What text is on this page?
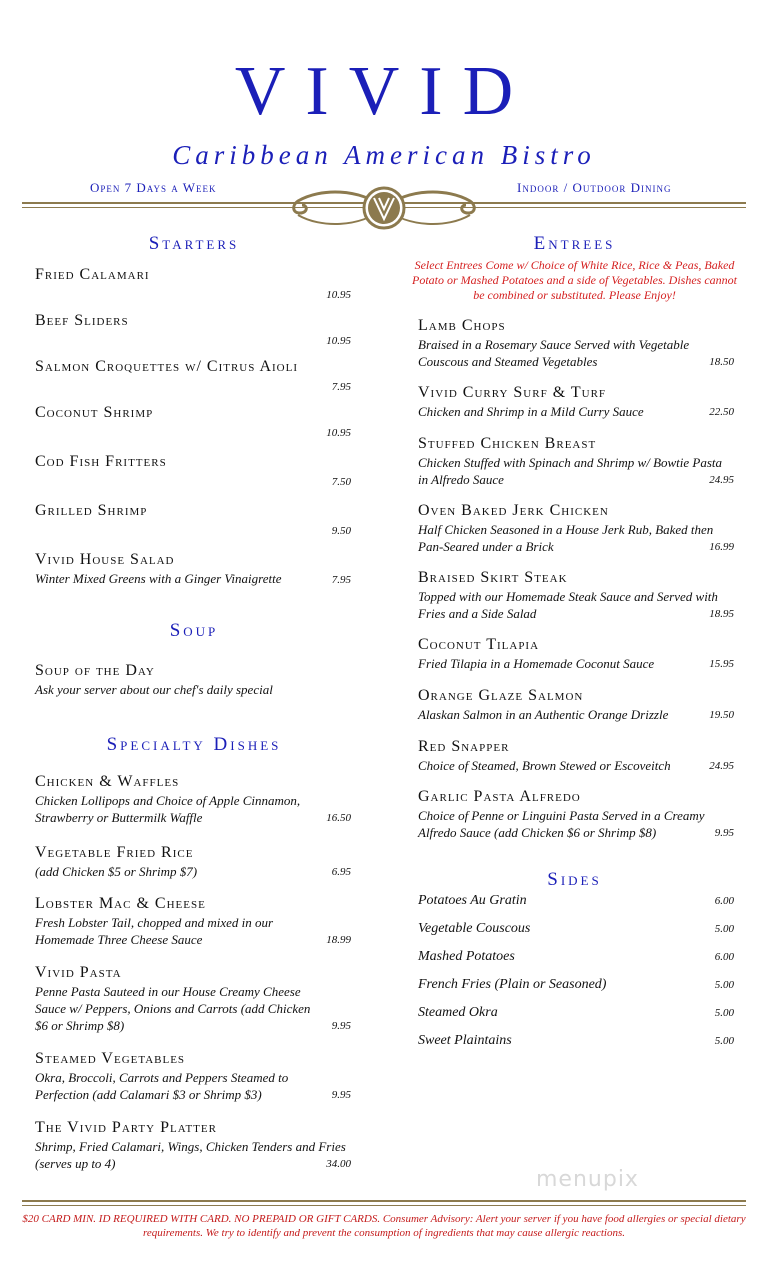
VIVID
Caribbean American Bistro
Open 7 Days a Week	Indoor / Outdoor Dining
Starters	Entrees
Select Entrees Come w/ Choice of White Rice, Rice & Peas, Baked Potato or Mashed Potatoes and a side of Vegetables. Dishes cannot be combined or substituted. Please Enjoy!
Soup
Specialty Dishes
Sides
Fried Calamari
10.95
Beef Sliders
10.95
Salmon Croquettes w/ Citrus Aioli
7.95
Coconut Shrimp
10.95
Cod Fish Fritters
7.50
Grilled Shrimp
9.50
Vivid House Salad
Winter Mixed Greens with a Ginger Vinaigrette	7.95
Soup of the Day
Ask your server about our chef's daily special
Chicken & Waffles
Chicken Lollipops and Choice of Apple Cinnamon, Strawberry or Buttermilk Waffle	16.50
Vegetable Fried Rice
(add Chicken $5 or Shrimp $7)	6.95
Lobster Mac & Cheese
Fresh Lobster Tail, chopped and mixed in our Homemade Three Cheese Sauce	18.99
Vivid Pasta
Penne Pasta Sauteed in our House Creamy Cheese Sauce w/ Peppers, Onions and Carrots (add Chicken $6 or Shrimp $8)	9.95
Steamed Vegetables
Okra, Broccoli, Carrots and Peppers Steamed to Perfection (add Calamari $3 or Shrimp $3)	9.95
The Vivid Party Platter
Shrimp, Fried Calamari, Wings, Chicken Tenders and Fries (serves up to 4)	34.00
Lamb Chops
Braised in a Rosemary Sauce Served with Vegetable Couscous and Steamed Vegetables	18.50
Vivid Curry Surf & Turf
Chicken and Shrimp in a Mild Curry Sauce	22.50
Stuffed Chicken Breast
Chicken Stuffed with Spinach and Shrimp w/ Bowtie Pasta in Alfredo Sauce	24.95
Oven Baked Jerk Chicken
Half Chicken Seasoned in a House Jerk Rub, Baked then Pan-Seared under a Brick	16.99
Braised Skirt Steak
Topped with our Homemade Steak Sauce and Served with Fries and a Side Salad	18.95
Coconut Tilapia
Fried Tilapia in a Homemade Coconut Sauce	15.95
Orange Glaze Salmon
Alaskan Salmon in an Authentic Orange Drizzle	19.50
Red Snapper
Choice of Steamed, Brown Stewed or Escoveitch	24.95
Garlic Pasta Alfredo
Choice of Penne or Linguini Pasta Served in a Creamy Alfredo Sauce (add Chicken $6 or Shrimp $8)	9.95
Potatoes Au Gratin	6.00
Vegetable Couscous	5.00
Mashed Potatoes	6.00
French Fries (Plain or Seasoned)	5.00
Steamed Okra	5.00
Sweet Plaintains	5.00
menupix
$20 CARD MIN. ID REQUIRED WITH CARD. NO PREPAID OR GIFT CARDS. Consumer Advisory: Alert your server if you have food allergies or special dietary requirements. We try to identify and prevent the consumption of ingredients that may cause allergic reactions.
